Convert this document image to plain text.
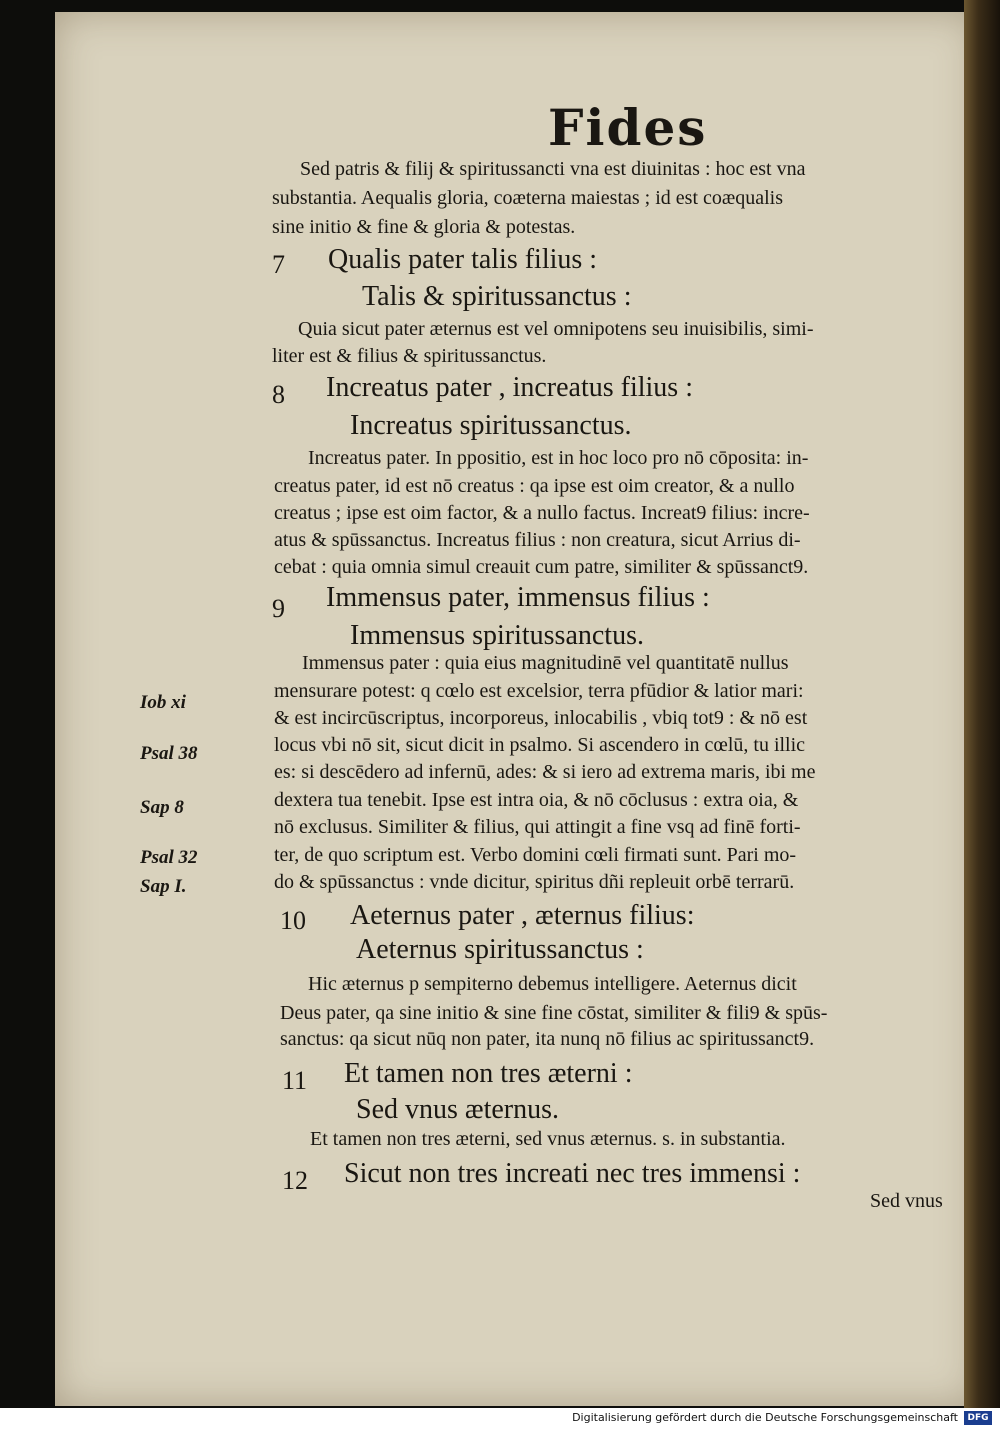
Fides
Sed patris & filij & spiritussancti vna est diuinitas : hoc est vna
substantia. Aequalis gloria, coæterna maiestas ; id est coæqualis
sine initio & fine & gloria & potestas.
7 Qualis pater talis filius :
Talis & spiritussanctus :
Quia sicut pater æternus est vel omnipotens seu inuisibilis, simi-
liter est & filius & spiritussanctus.
8 Increatus pater , increatus filius :
Increatus spiritussanctus.
Increatus pater. In ppositio, est in hoc loco pro nō cōposita: in-
creatus pater, id est nō creatus : qa ipse est oim creator, & a nullo
creatus ; ipse est oim factor, & a nullo factus. Increat9 filius: incre-
atus & spūssanctus. Increatus filius : non creatura, sicut Arrius di-
cebat : quia omnia simul creauit cum patre, similiter & spūssanct9.
9 Immensus pater, immensus filius :
Immensus spiritussanctus.
Immensus pater : quia eius magnitudinē vel quantitatē nullus
mensurare potest: q cœlo est excelsior, terra pfūdior & latior mari:
& est incircūscriptus, incorporeus, inlocabilis , vbiq tot9 : & nō est
locus vbi nō sit, sicut dicit in psalmo. Si ascendero in cœlū, tu illic
es: si descēdero ad infernū, ades: & si iero ad extrema maris, ibi me
dextera tua tenebit. Ipse est intra oia, & nō cōclusus : extra oia, &
nō exclusus. Similiter & filius, qui attingit a fine vsq ad finē forti-
ter, de quo scriptum est. Verbo domini cœli firmati sunt. Pari mo-
do & spūssanctus : vnde dicitur, spiritus dñi repleuit orbē terrarū.
Iob xi
Psal 38
Sap 8
Psal 32
Sap I.
10 Aeternus pater , æternus filius:
Aeternus spiritussanctus :
Hic æternus p sempiterno debemus intelligere. Aeternus dicit
Deus pater, qa sine initio & sine fine cōstat, similiter & fili9 & spūs-
sanctus: qa sicut nūq non pater, ita nunq nō filius ac spiritussanct9.
11 Et tamen non tres æterni :
Sed vnus æternus.
Et tamen non tres æterni, sed vnus æternus. s. in substantia.
12 Sicut non tres increati nec tres immensi :
Sed vnus
Digitalisierung gefördert durch die Deutsche Forschungsgemeinschaft	DFG
